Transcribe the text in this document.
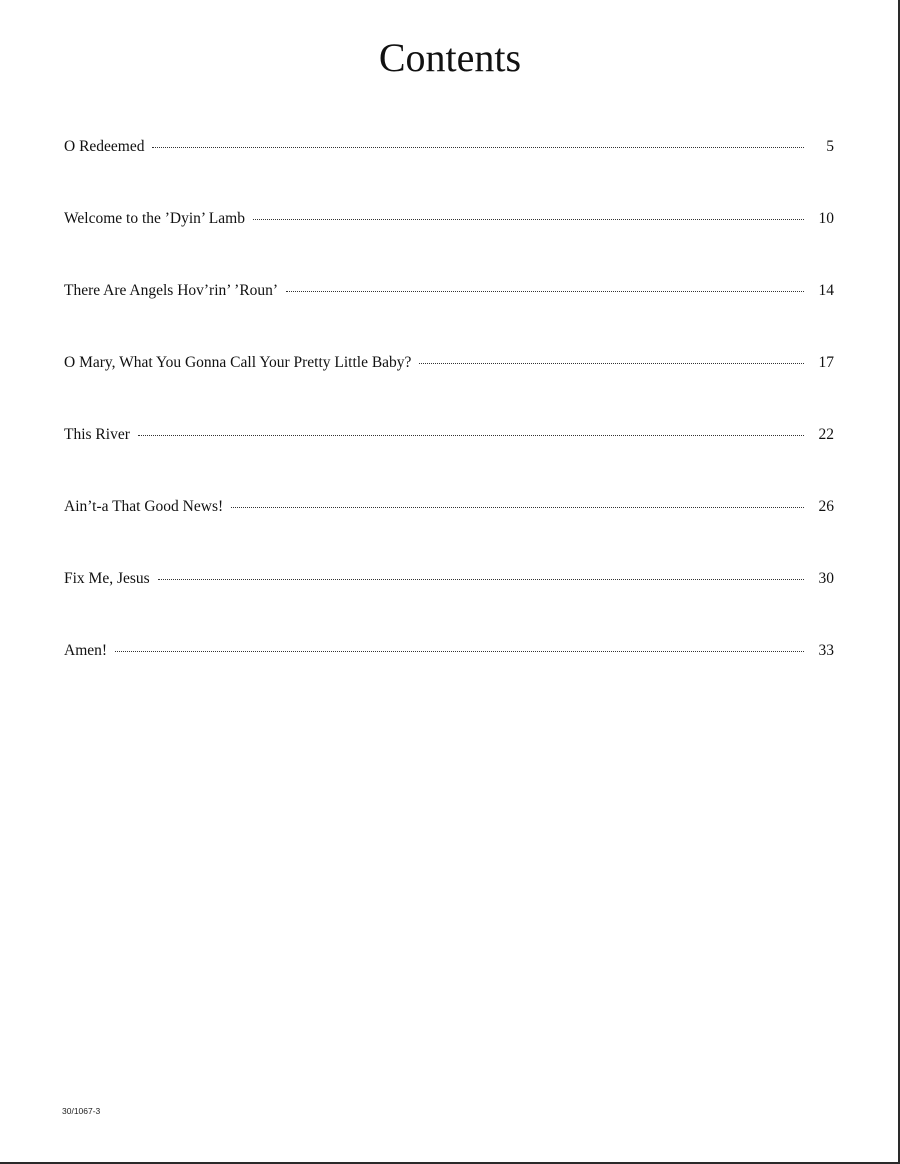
Contents
O Redeemed	5
Welcome to the ’Dyin’ Lamb	10
There Are Angels Hov’rin’ ’Roun’	14
O Mary, What You Gonna Call Your Pretty Little Baby?	17
This River	22
Ain’t-a That Good News!	26
Fix Me, Jesus	30
Amen!	33
30/1067-3
